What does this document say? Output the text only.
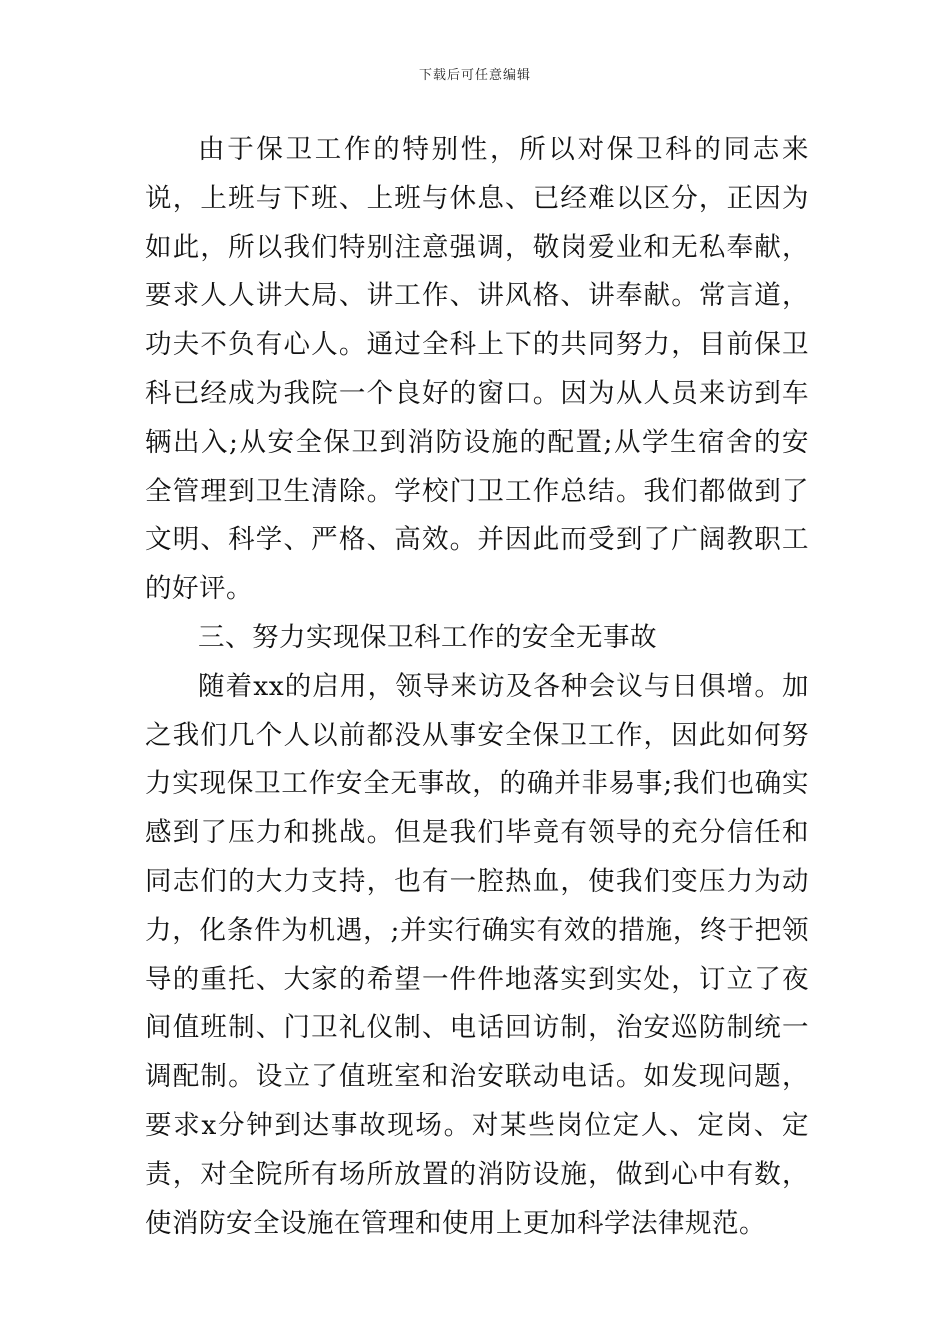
下载后可任意编辑

由于保卫工作的特别性，所以对保卫科的同志来说，上班与下班、上班与休息、已经难以区分，正因为如此，所以我们特别注意强调，敬岗爱业和无私奉献，要求人人讲大局、讲工作、讲风格、讲奉献。常言道，功夫不负有心人。通过全科上下的共同努力，目前保卫科已经成为我院一个良好的窗口。因为从人员来访到车辆出入;从安全保卫到消防设施的配置;从学生宿舍的安全管理到卫生清除。学校门卫工作总结。我们都做到了文明、科学、严格、高效。并因此而受到了广阔教职工的好评。

三、努力实现保卫科工作的安全无事故

随着xx的启用，领导来访及各种会议与日俱增。加之我们几个人以前都没从事安全保卫工作，因此如何努力实现保卫工作安全无事故，的确并非易事;我们也确实感到了压力和挑战。但是我们毕竟有领导的充分信任和同志们的大力支持，也有一腔热血，使我们变压力为动力，化条件为机遇，;并实行确实有效的措施，终于把领导的重托、大家的希望一件件地落实到实处，订立了夜间值班制、门卫礼仪制、电话回访制，治安巡防制统一调配制。设立了值班室和治安联动电话。如发现问题，要求x分钟到达事故现场。对某些岗位定人、定岗、定责，对全院所有场所放置的消防设施，做到心中有数，使消防安全设施在管理和使用上更加科学法律规范。
